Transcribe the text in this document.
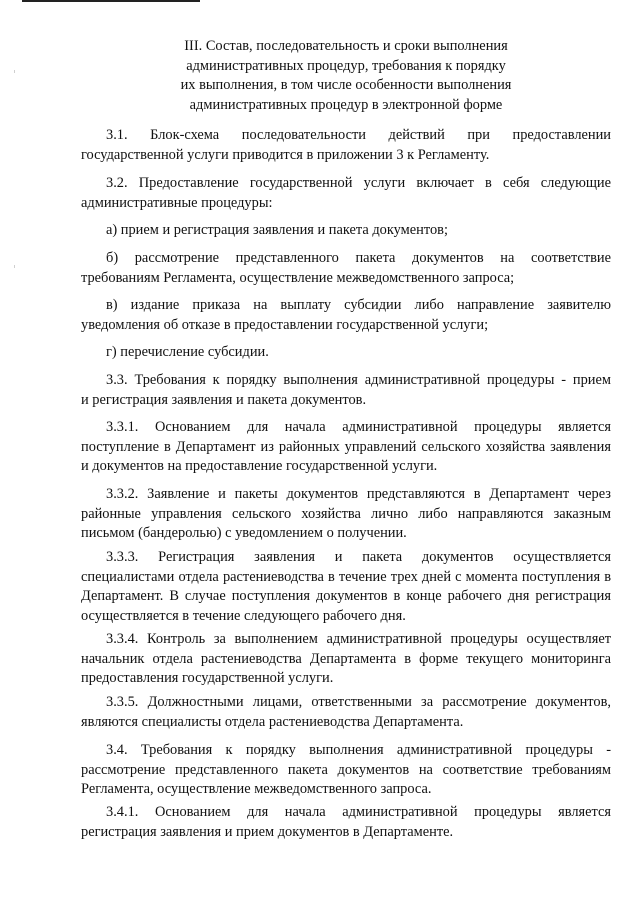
III. Состав, последовательность и сроки выполнения
административных процедур, требования к порядку
их выполнения, в том числе особенности выполнения
административных процедур в электронной форме
3.1. Блок-схема последовательности действий при предоставлении
государственной услуги приводится в приложении 3 к Регламенту.
3.2. Предоставление государственной услуги включает в себя следующие
административные процедуры:
а) прием и регистрация заявления и пакета документов;
б) рассмотрение представленного пакета документов на соответствие
требованиям Регламента, осуществление межведомственного запроса;
в) издание приказа на выплату субсидии либо направление заявителю
уведомления об отказе в предоставлении государственной услуги;
г) перечисление субсидии.
3.3. Требования к порядку выполнения административной процедуры - прием
и регистрация заявления и пакета документов.
3.3.1. Основанием для начала административной процедуры является
поступление в Департамент из районных управлений сельского хозяйства заявления и документов на предоставление государственной услуги.
3.3.2. Заявление и пакеты документов представляются в Департамент через
районные управления сельского хозяйства лично либо направляются заказным письмом (бандеролью) с уведомлением о получении.
3.3.3. Регистрация заявления и пакета документов осуществляется
специалистами отдела растениеводства в течение трех дней с момента поступления в Департамент. В случае поступления документов в конце рабочего дня регистрация осуществляется в течение следующего рабочего дня.
3.3.4. Контроль за выполнением административной процедуры осуществляет
начальник отдела растениеводства Департамента в форме текущего мониторинга предоставления государственной услуги.
3.3.5. Должностными лицами, ответственными за рассмотрение документов,
являются специалисты отдела растениеводства Департамента.
3.4. Требования к порядку выполнения административной процедуры -
рассмотрение представленного пакета документов на соответствие требованиям Регламента, осуществление межведомственного запроса.
3.4.1. Основанием для начала административной процедуры является
регистрация заявления и прием документов в Департаменте.
